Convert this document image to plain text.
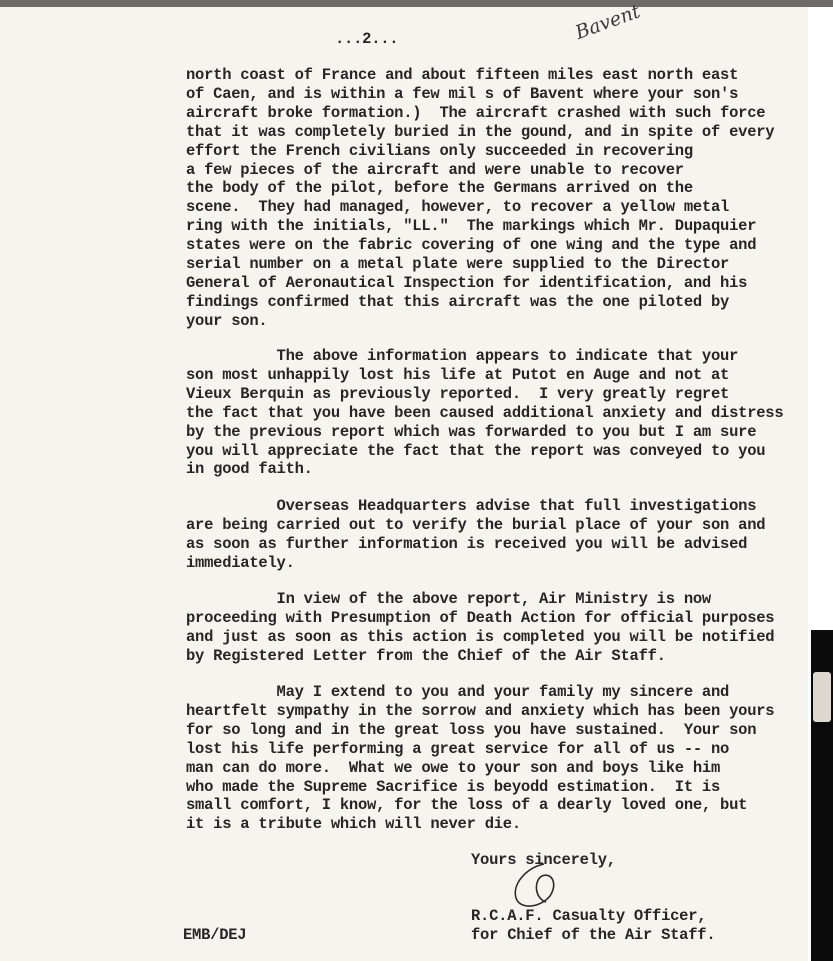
...2...	Bavent
north coast of France and about fifteen miles east north east
of Caen, and is within a few mil s of Bavent where your son's
aircraft broke formation.)  The aircraft crashed with such force
that it was completely buried in the gound, and in spite of every
effort the French civilians only succeeded in recovering
a few pieces of the aircraft and were unable to recover
the body of the pilot, before the Germans arrived on the
scene.  They had managed, however, to recover a yellow metal
ring with the initials, "LL."  The markings which Mr. Dupaquier
states were on the fabric covering of one wing and the type and
serial number on a metal plate were supplied to the Director
General of Aeronautical Inspection for identification, and his
findings confirmed that this aircraft was the one piloted by
your son.
The above information appears to indicate that your
son most unhappily lost his life at Putot en Auge and not at
Vieux Berquin as previously reported.  I very greatly regret
the fact that you have been caused additional anxiety and distress
by the previous report which was forwarded to you but I am sure
you will appreciate the fact that the report was conveyed to you
in good faith.
Overseas Headquarters advise that full investigations
are being carried out to verify the burial place of your son and
as soon as further information is received you will be advised
immediately.
In view of the above report, Air Ministry is now
proceeding with Presumption of Death Action for official purposes
and just as soon as this action is completed you will be notified
by Registered Letter from the Chief of the Air Staff.
May I extend to you and your family my sincere and
heartfelt sympathy in the sorrow and anxiety which has been yours
for so long and in the great loss you have sustained.  Your son
lost his life performing a great service for all of us -- no
man can do more.  What we owe to your son and boys like him
who made the Supreme Sacrifice is beyodd estimation.  It is
small comfort, I know, for the loss of a dearly loved one, but
it is a tribute which will never die.
Yours sincerely,
R.C.A.F. Casualty Officer,
for Chief of the Air Staff.
EMB/DEJ
